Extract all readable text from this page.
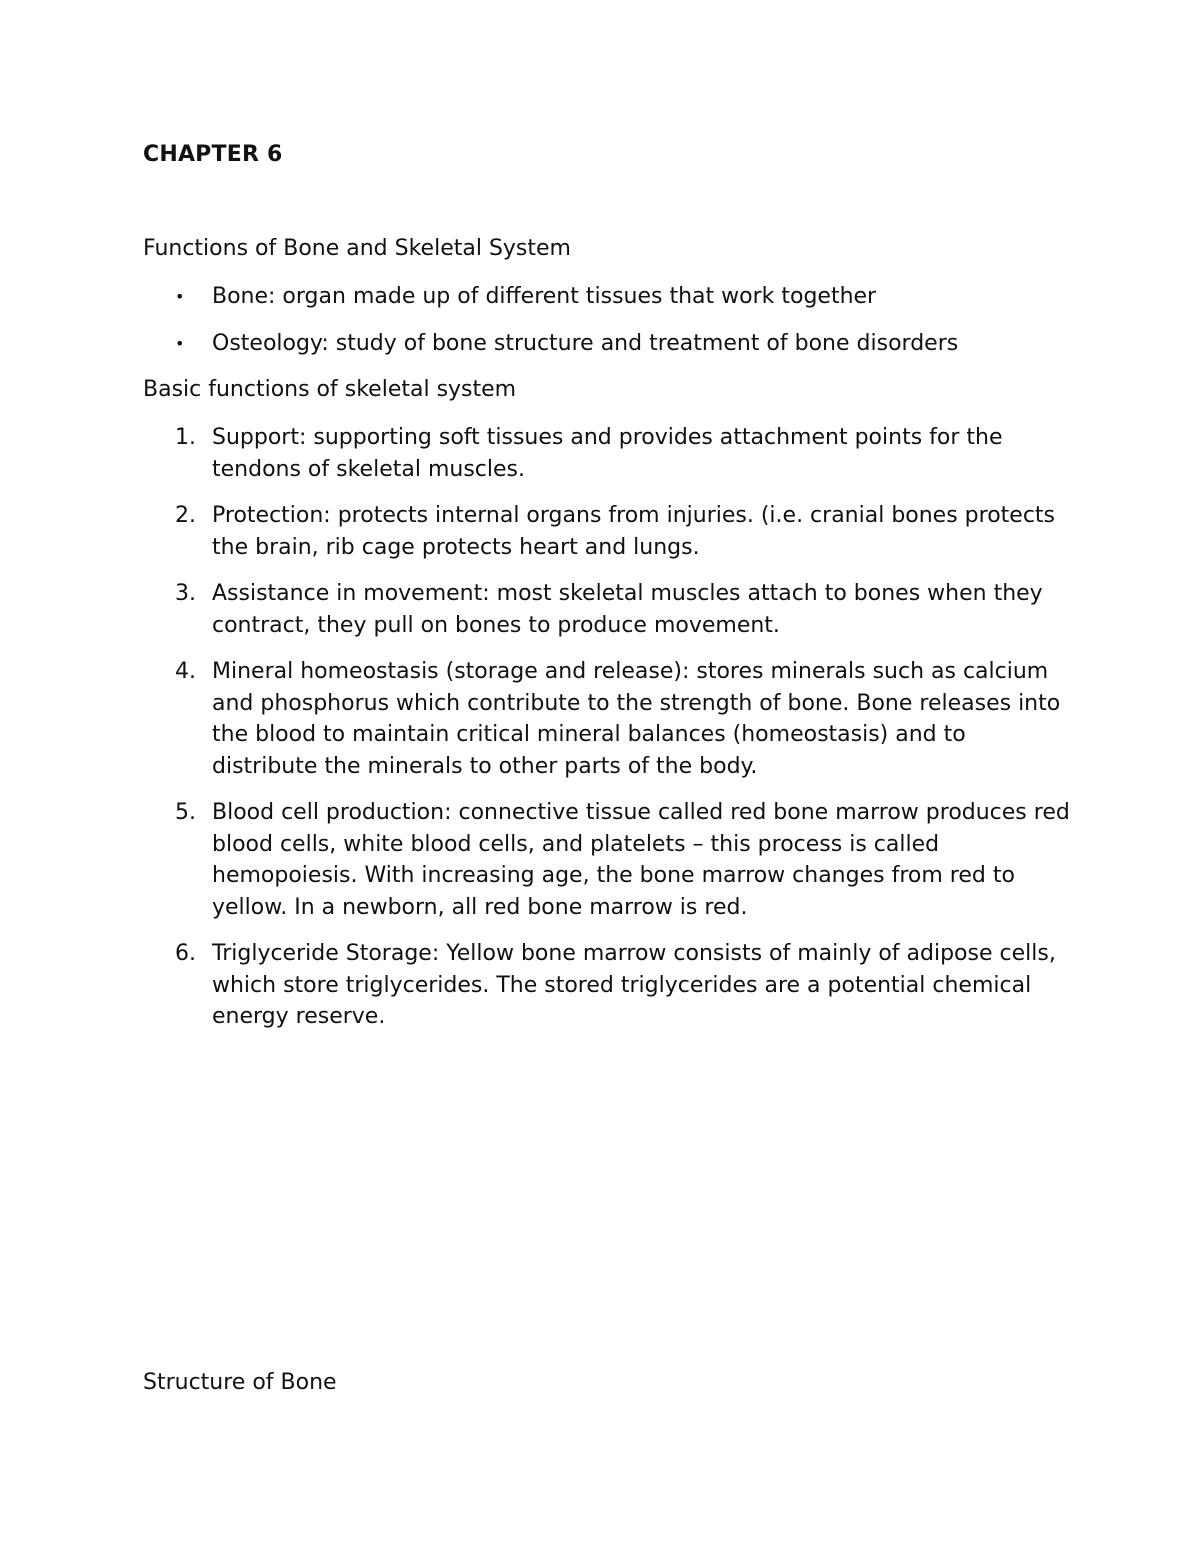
CHAPTER 6
Functions of Bone and Skeletal System
• Bone: organ made up of different tissues that work together
• Osteology: study of bone structure and treatment of bone disorders
Basic functions of skeletal system
1. Support: supporting soft tissues and provides attachment points for the tendons of skeletal muscles.
2. Protection: protects internal organs from injuries. (i.e. cranial bones protects the brain, rib cage protects heart and lungs.
3. Assistance in movement: most skeletal muscles attach to bones when they contract, they pull on bones to produce movement.
4. Mineral homeostasis (storage and release): stores minerals such as calcium and phosphorus which contribute to the strength of bone. Bone releases into the blood to maintain critical mineral balances (homeostasis) and to distribute the minerals to other parts of the body.
5. Blood cell production: connective tissue called red bone marrow produces red blood cells, white blood cells, and platelets – this process is called hemopoiesis. With increasing age, the bone marrow changes from red to yellow. In a newborn, all red bone marrow is red.
6. Triglyceride Storage: Yellow bone marrow consists of mainly of adipose cells, which store triglycerides. The stored triglycerides are a potential chemical energy reserve.
Structure of Bone
